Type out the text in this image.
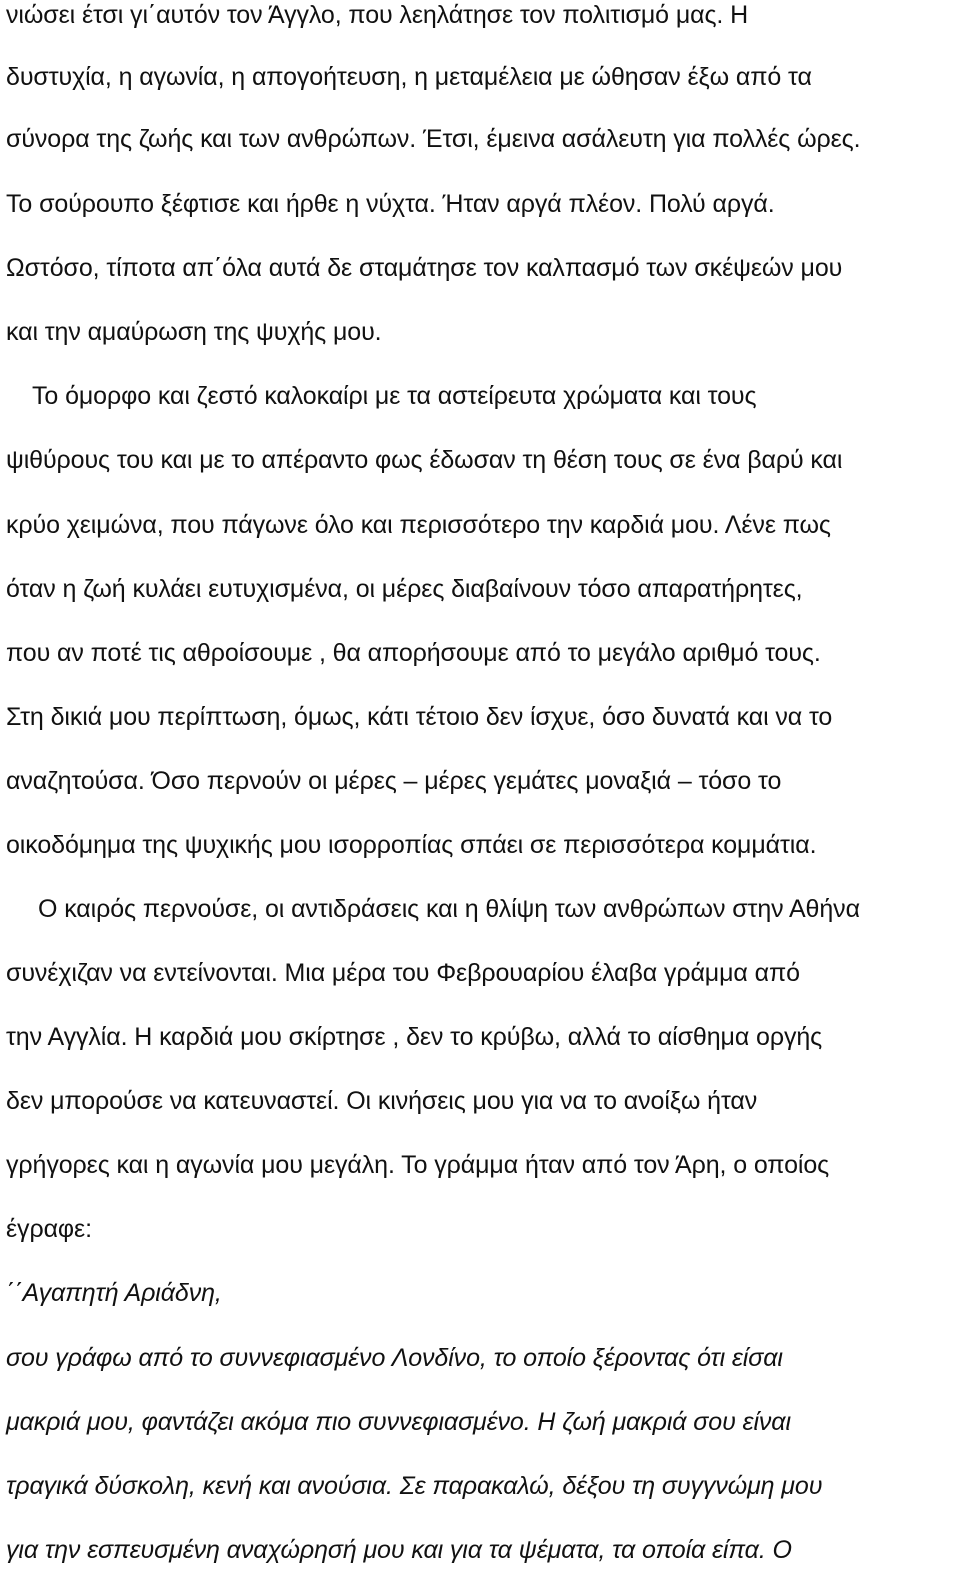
νιώσει έτσι γι΄αυτόν τον Άγγλο, που λεηλάτησε τον πολιτισμό μας. Η
δυστυχία, η αγωνία, η απογοήτευση, η μεταμέλεια με ώθησαν έξω από τα
σύνορα της ζωής και των ανθρώπων. Έτσι, έμεινα ασάλευτη για πολλές ώρες.
Το σούρουπο ξέφτισε και ήρθε η νύχτα. Ήταν αργά πλέον. Πολύ αργά.
Ωστόσο, τίποτα απ΄όλα αυτά δε σταμάτησε τον καλπασμό των σκέψεών μου
και την αμαύρωση της ψυχής μου.
Το όμορφο και ζεστό καλοκαίρι με τα αστείρευτα χρώματα και τους
ψιθύρους του και με το απέραντο φως έδωσαν τη θέση τους σε ένα βαρύ και
κρύο χειμώνα, που πάγωνε όλο και περισσότερο την καρδιά μου. Λένε πως
όταν η ζωή κυλάει ευτυχισμένα, οι μέρες διαβαίνουν τόσο απαρατήρητες,
που αν ποτέ τις αθροίσουμε , θα απορήσουμε από το μεγάλο αριθμό τους.
Στη δικιά μου περίπτωση, όμως, κάτι τέτοιο δεν ίσχυε, όσο δυνατά και να το
αναζητούσα. Όσο περνούν οι μέρες – μέρες γεμάτες μοναξιά – τόσο το
οικοδόμημα της ψυχικής μου ισορροπίας σπάει σε περισσότερα κομμάτια.
Ο καιρός περνούσε, οι αντιδράσεις και η θλίψη των ανθρώπων στην Αθήνα
συνέχιζαν να εντείνονται. Μια μέρα του Φεβρουαρίου έλαβα γράμμα από
την Αγγλία. Η καρδιά μου σκίρτησε , δεν το κρύβω, αλλά το αίσθημα οργής
δεν μπορούσε να κατευναστεί. Οι κινήσεις μου για να το ανοίξω ήταν
γρήγορες και η αγωνία μου μεγάλη. Το γράμμα ήταν από τον Άρη, ο οποίος
έγραφε:
΄΄Αγαπητή Αριάδνη,
σου γράφω από το συννεφιασμένο Λονδίνο, το οποίο ξέροντας ότι είσαι
μακριά μου, φαντάζει ακόμα πιο συννεφιασμένο. Η ζωή μακριά σου είναι
τραγικά δύσκολη, κενή και ανούσια. Σε παρακαλώ, δέξου τη συγγνώμη μου
για την εσπευσμένη αναχώρησή μου και για τα ψέματα, τα οποία είπα. Ο
